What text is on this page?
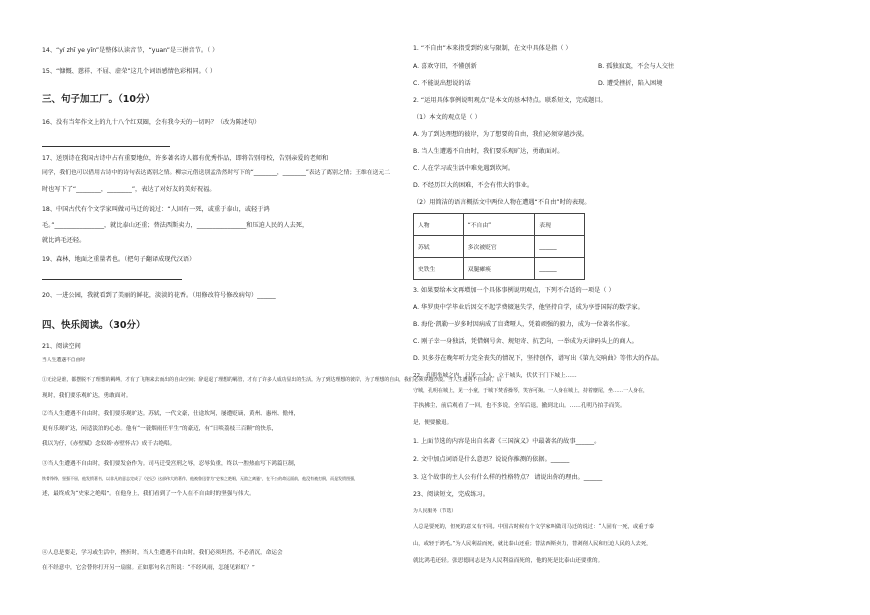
14、“yí zhī ye yīn”是整体认读音节，“yuan”是三拼音节。（ ）
15、“慷慨、慈祥、不屈、虚荣”这几个词语感情色彩相同。（ ）
三、句子加工厂。（10分）
16、没有当年作文上的九十八个红双圈，会有我今天的一切吗？（改为陈述句）
17、送别诗在我国古诗中占有重要地位，许多著名诗人都有优秀作品，即将告别母校，告别亲爱的老师和
同学，我们也可以借用古诗中的诗句表达离别之情。柳宗元借送别孟浩然时写下的“________，________”表达了离别之情；王维在送元二
时也写下了“________，________”，表达了对好友的美好祝福。
18、中国古代有个文学家叫做司马迁的说过：“人固有一死，或重于泰山，或轻于鸿
毛。”________________，就比泰山还重；替法西斯卖力，________________和压迫人民的人去死，
就比鸿毛还轻。
19、森林，地面之重量者也。（把句子翻译成现代汉语）
20、一进公园，我就看到了美丽的鲜花，淡淡的花香。（用修改符号修改病句）______
四、快乐阅读。（30分）
21、阅读空间
当人生遭遇不自由时
①无论是谁，都摆脱不了理想的羁缚，才有了飞翔来去而出的自由空间；辞退退了理想的羁管，才有了许多人成功显出的生活。为了到达理想的彼岸，为了理想的自由，我们必须穿越沙漠。当人生遭遇不自由时，后
现时，我们要乐观旷达，勇敢面对。
②当人生遭遇不自由时，我们要乐观旷达。苏轼，一代文豪，仕途坎坷，屡遭贬谪，黄州、惠州、儋州，
更有乐观旷达，闲适淡泊的心态。他有“一蓑烟雨任平生”的豪迈，有“日啖荔枝三百颗”的快乐，
我以为仔，《赤壁赋》念奴娇·赤壁怀古》成千古绝唱。
③当人生遭遇不自由时，我们要发奋作为。司马迁受宫刑之辱，忍辱负重，终以一腔热血写下鸿篇巨制，
铁骨铮铮，坚强不屈，他发愤著书，以非凡的意志完成了《史记》这部伟大的著作，他被鲁迅誉为“史家之绝唱，无韵之离骚”，在不公的命运面前，他没有被打倒，而是发愤图强，
述，最终成为“史家之绝唱”。在他身上，我们看到了一个人在不自由时的坚强与伟大。
④人总是要走，学习或生活中，挫折时，当人生遭遇不自由时，我们必须坦然，不必消沉，命运会
在不经意中，它会替你打开另一扇窗。正如那句名言所说：“不经风雨，怎能见彩虹？”
1. “不自由”本来指受到约束与限制，在文中具体是指（ ）
A. 喜欢守旧，不懂创新	B. 孤独寂寞，不会与人交往
C. 不能说出想说的话	D. 遭受挫折，陷入困境
2. “运用具体事例说明观点”是本文的基本特点。联系短文，完成题目。
（1）本文的观点是（ ）
A. 为了到达理想的彼岸，为了想要的自由，我们必须穿越沙漠。
B. 当人生遭遇不自由时，我们要乐观旷达，勇敢面对。
C. 人在学习或生活中难免遇到坎坷。
D. 不经历巨大的困难，不会有伟大的事业。
（2）用简洁的语言概括文中两位人物在遭遇“不自由”时的表现。
人物	“不自由”	表现
苏轼	多次被贬官	______
史铁生	双腿瘫痪	______
3. 如果要给本文再增加一个具体事例说明观点，下列不合适的一项是（ ）
A. 华罗庚中学毕业后因交不起学费辍退失学，他坚持自学，成为享誉国际的数学家。
B. 海伦·凯勒一岁多时因病成了盲聋哑人，凭着顽强的毅力，成为一位著名作家。
C. 刚子幸一身独活，凭借娴号舍、规矩寄、抗艺向，一举成为天津码头上的商人。
D. 贝多芬在晚年听力完全丧失的情况下，坚持创作，谱写出《第九交响曲》等伟大的作品。
22、孔明坐城之内，只见一个人，立于城头，伏伏于门下城上……
守城，孔明在城上，见一小童，于城下焚香操琴，笑容可掬。一人身在城上，持着麈尾，坐……一人身在，
手执拂尘，前后观看了一回，也不多说，全军后退，撤到北山。……孔明乃拍手而笑。
是，便要撤退。
1. 上面节选的内容是出自名著《三国演义》中最著名的故事______。
2. 文中加点词语是什么意思？说说你推测的依据。______
3. 这个故事的主人公有什么样的性格特点？ 请说出你的理由。______
23、阅读短文，完成练习。
为人民服务（节选）
人总是要死的，但死的意义有不同。中国古时候有个文学家叫做司马迁的说过：“人固有一死，或重于泰
山，或轻于鸿毛。”为人民利益而死，就比泰山还重；替法西斯卖力，替剥削人民和压迫人民的人去死，
就比鸿毛还轻。张思德同志是为人民利益而死的，他的死是比泰山还要重的。
